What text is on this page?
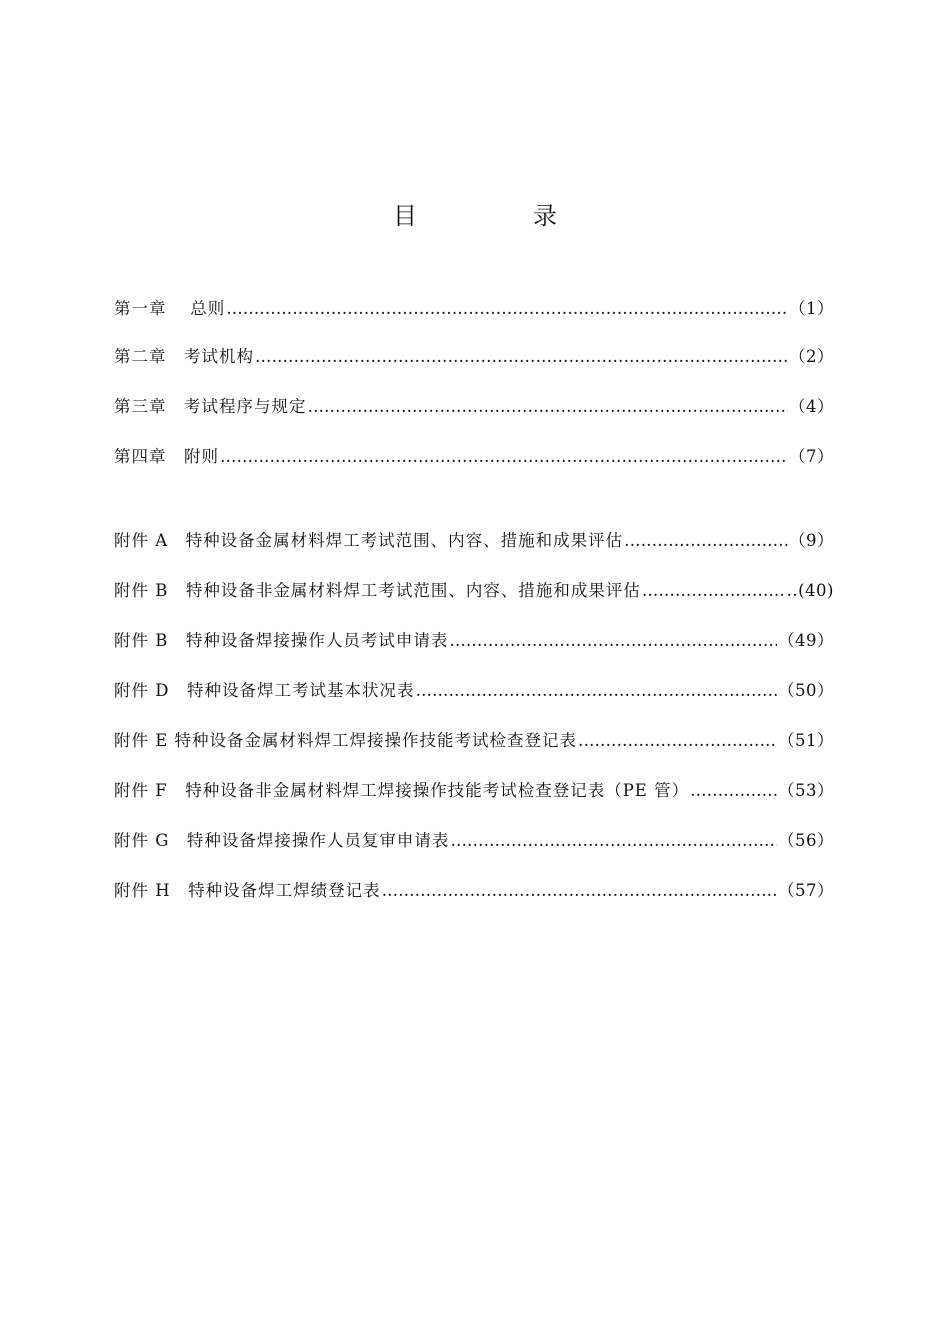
目　录
第一章　 总则 …………………………………………………………………………………………………………………………………………………………………………………………………………………………	（1）
第二章　考试机构 …………………………………………………………………………………………………………………………………………………………………………………………………………………………	（2）
第三章　考试程序与规定 …………………………………………………………………………………………………………………………………………………………………………………………………………………………	（4）
第四章　附则 …………………………………………………………………………………………………………………………………………………………………………………………………………………………	（7）
附件 A　特种设备金属材料焊工考试范围、内容、措施和成果评估 …………………………………………………………………………………………………………………………………………………………………………………………………………………………	（9）
附件 B　特种设备非金属材料焊工考试范围、内容、措施和成果评估 …………………………………………………………………………………………………………………………………………………………………………………………………………………………	..(40)
附件 B　特种设备焊接操作人员考试申请表 …………………………………………………………………………………………………………………………………………………………………………………………………………………………	（49）
附件 D　特种设备焊工考试基本状况表 …………………………………………………………………………………………………………………………………………………………………………………………………………………………	（50）
附件 E 特种设备金属材料焊工焊接操作技能考试检查登记表 …………………………………………………………………………………………………………………………………………………………………………………………………………………………	（51）
附件 F　特种设备非金属材料焊工焊接操作技能考试检查登记表（PE 管） …………………………………………………………………………………………………………………………………………………………………………………………………………………………	（53）
附件 G　特种设备焊接操作人员复审申请表 …………………………………………………………………………………………………………………………………………………………………………………………………………………………	（56）
附件 H　特种设备焊工焊绩登记表 …………………………………………………………………………………………………………………………………………………………………………………………………………………………	（57）
